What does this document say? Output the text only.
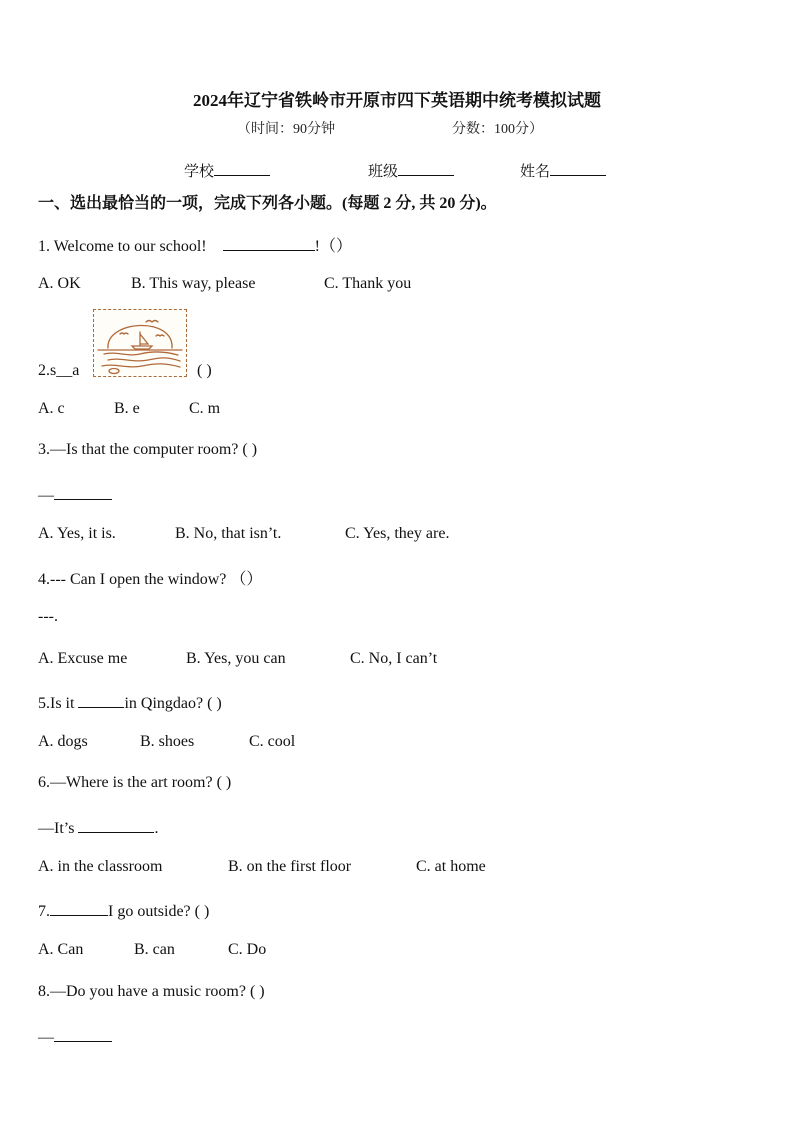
2024年辽宁省铁岭市开原市四下英语期中统考模拟试题
（时间：90分钟	分数：100分）
学校	班级	姓名
一、选出最恰当的一项，完成下列各小题。(每题 2 分, 共 20 分)。
1. Welcome to our school!	!（）
A. OK	B. This way, please	C. Thank you
2.s__a	( )
A. c	B. e	C. m
3.—Is that the computer room? ( )
—
A. Yes, it is.	B. No, that isn’t.	C. Yes, they are.
4.--- Can I open the window? （）
---.
A. Excuse me	B. Yes, you can	C. No, I can’t
5.Is it	in Qingdao? ( )
A. dogs	B. shoes	C. cool
6.—Where is the art room? ( )
—It’s	.
A. in the classroom	B. on the first floor	C. at home
7.	I go outside? ( )
A. Can	B. can	C. Do
8.—Do you have a music room? ( )
—
